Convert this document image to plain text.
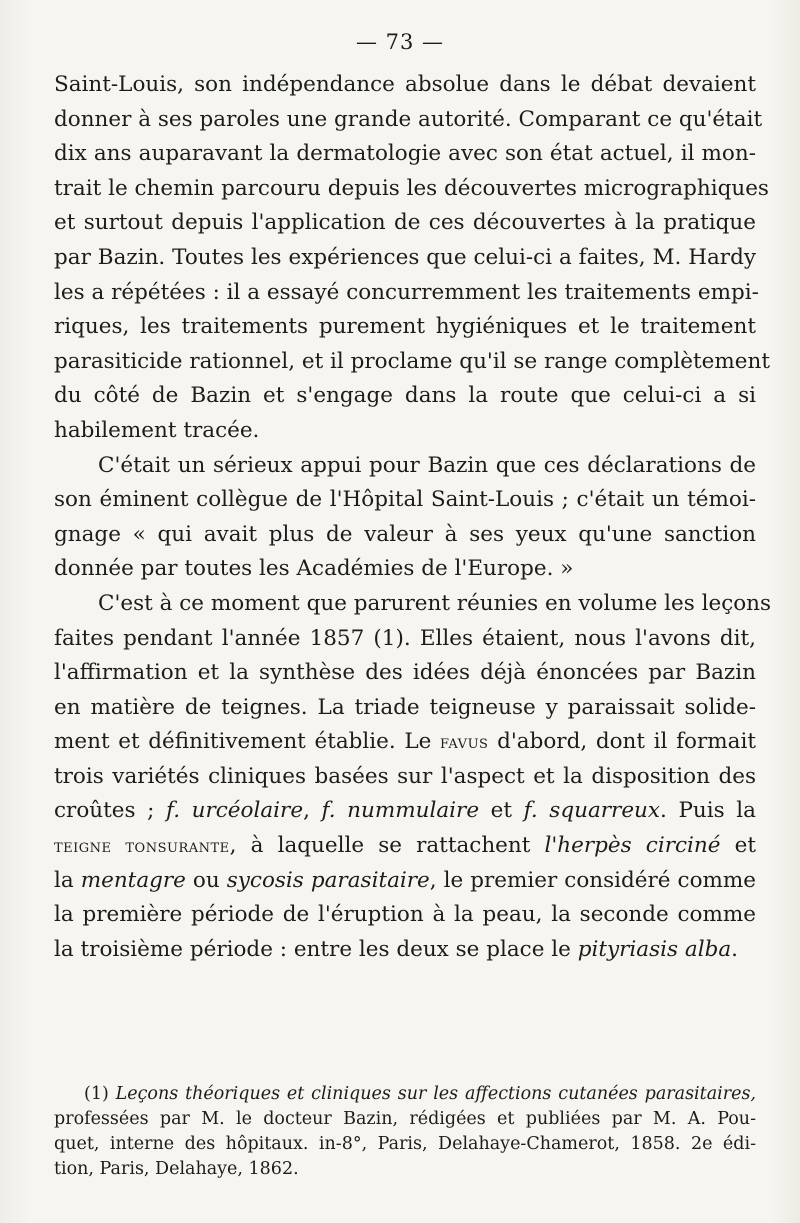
— 73 —

Saint-Louis, son indépendance absolue dans le débat devaient
donner à ses paroles une grande autorité. Comparant ce qu'était
dix ans auparavant la dermatologie avec son état actuel, il mon-
trait le chemin parcouru depuis les découvertes micrographiques
et surtout depuis l'application de ces découvertes à la pratique
par Bazin. Toutes les expériences que celui-ci a faites, M. Hardy
les a répétées : il a essayé concurremment les traitements empi-
riques, les traitements purement hygiéniques et le traitement
parasiticide rationnel, et il proclame qu'il se range complètement
du côté de Bazin et s'engage dans la route que celui-ci a si
habilement tracée.

C'était un sérieux appui pour Bazin que ces déclarations de
son éminent collègue de l'Hôpital Saint-Louis ; c'était un témoi-
gnage « qui avait plus de valeur à ses yeux qu'une sanction
donnée par toutes les Académies de l'Europe. »

C'est à ce moment que parurent réunies en volume les leçons
faites pendant l'année 1857 (1). Elles étaient, nous l'avons dit,
l'affirmation et la synthèse des idées déjà énoncées par Bazin
en matière de teignes. La triade teigneuse y paraissait solide-
ment et définitivement établie. Le favus d'abord, dont il formait
trois variétés cliniques basées sur l'aspect et la disposition des
croûtes ; f. urcéolaire, f. nummulaire et f. squarreux. Puis la
teigne tonsurante, à laquelle se rattachent l'herpès circiné et
la mentagre ou sycosis parasitaire, le premier considéré comme
la première période de l'éruption à la peau, la seconde comme
la troisième période : entre les deux se place le pityriasis alba.

(1) Leçons théoriques et cliniques sur les affections cutanées parasitaires,
professées par M. le docteur Bazin, rédigées et publiées par M. A. Pou-
quet, interne des hôpitaux. in-8°, Paris, Delahaye-Chamerot, 1858. 2e édi-
tion, Paris, Delahaye, 1862.
